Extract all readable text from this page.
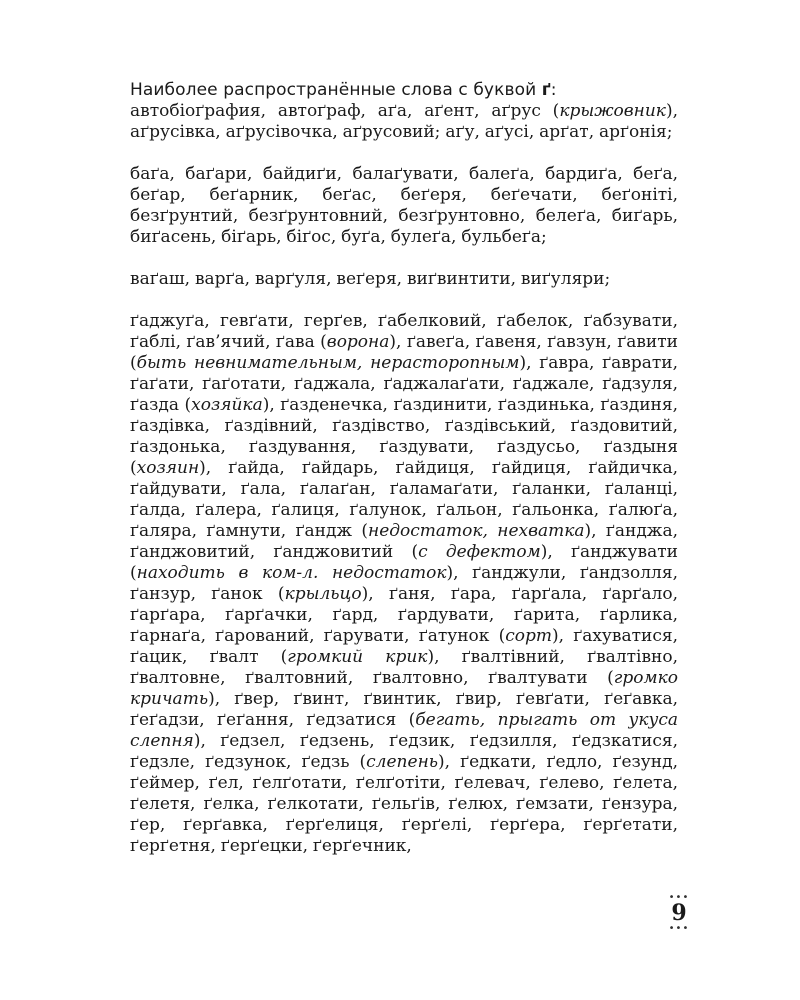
Наиболее распространённые слова с буквой ґ:

автобіоґрафия, автоґраф, аґа, аґент, аґрус (крыжовник), аґрусівка, аґрусівочка, аґрусовий; аґу, аґусі, арґат, арґонія;

баґа, баґари, байдиґи, балаґувати, балеґа, бардиґа, беґа, беґар, беґарник, беґас, беґеря, беґечати, беґоніті, безґрунтий, безґрунтовний, безґрунтовно, белеґа, биґарь, биґасень, біґарь, біґос, буґа, булеґа, бульбеґа;

ваґаш, варґа, варґуля, веґеря, виґвинтити, виґуляри;

ґаджуґа, гевґати, герґев, ґабелковий, ґабелок, ґабзувати, ґаблі, ґав’ячий, ґава (ворона), ґавеґа, ґавеня, ґавзун, ґавити (быть невнимательным, нерасторопным), ґавра, ґаврати, ґаґати, ґаґотати, ґаджала, ґаджалаґати, ґаджале, ґадзуля, ґазда (хозяйка), ґазденечка, ґаздинити, ґаздинька, ґаздиня, ґаздівка, ґаздівний, ґаздівство, ґаздівський, ґаздовитий, ґаздонька, ґаздування, ґаздувати, ґаздусьо, ґаздыня (хозяин), ґайда, ґайдарь, ґайдиця, ґайдиця, ґайдичка, ґайдувати, ґала, ґалаґан, ґаламаґати, ґаланки, ґаланці, ґалда, ґалера, ґалиця, ґалунок, ґальон, ґальонка, ґалюґа, ґаляра, ґамнути, ґандж (недостаток, нехватка), ґанджа, ґанджовитий, ґанджовитий (с дефектом), ґанджувати (находить в ком-л. недостаток), ґанджули, ґандзолля, ґанзур, ґанок (крыльцо), ґаня, ґара, ґарґала, ґарґало, ґарґара, ґарґачки, ґард, ґардувати, ґарита, ґарлика, ґарнаґа, ґарований, ґарувати, ґатунок (сорт), ґахуватися, ґацик, ґвалт (громкий крик), ґвалтівний, ґвалтівно, ґвалтовне, ґвалтовний, ґвалтовно, ґвалтувати (громко кричать), ґвер, ґвинт, ґвинтик, ґвир, ґевґати, ґеґавка, ґеґадзи, ґеґання, ґедзатися (бегать, прыгать от укуса слепня), ґедзел, ґедзень, ґедзик, ґедзилля, ґедзкатися, ґедзле, ґедзунок, ґедзь (слепень), ґедкати, ґедло, ґезунд, ґеймер, ґел, ґелґотати, ґелґотіти, ґелевач, ґелево, ґелета, ґелетя, ґелка, ґелкотати, ґельґів, ґелюх, ґемзати, ґензура, ґер, ґерґавка, ґерґелиця, ґерґелі, ґерґера, ґерґетати, ґерґетня, ґерґецки, ґерґечник,

•••
9
•••
